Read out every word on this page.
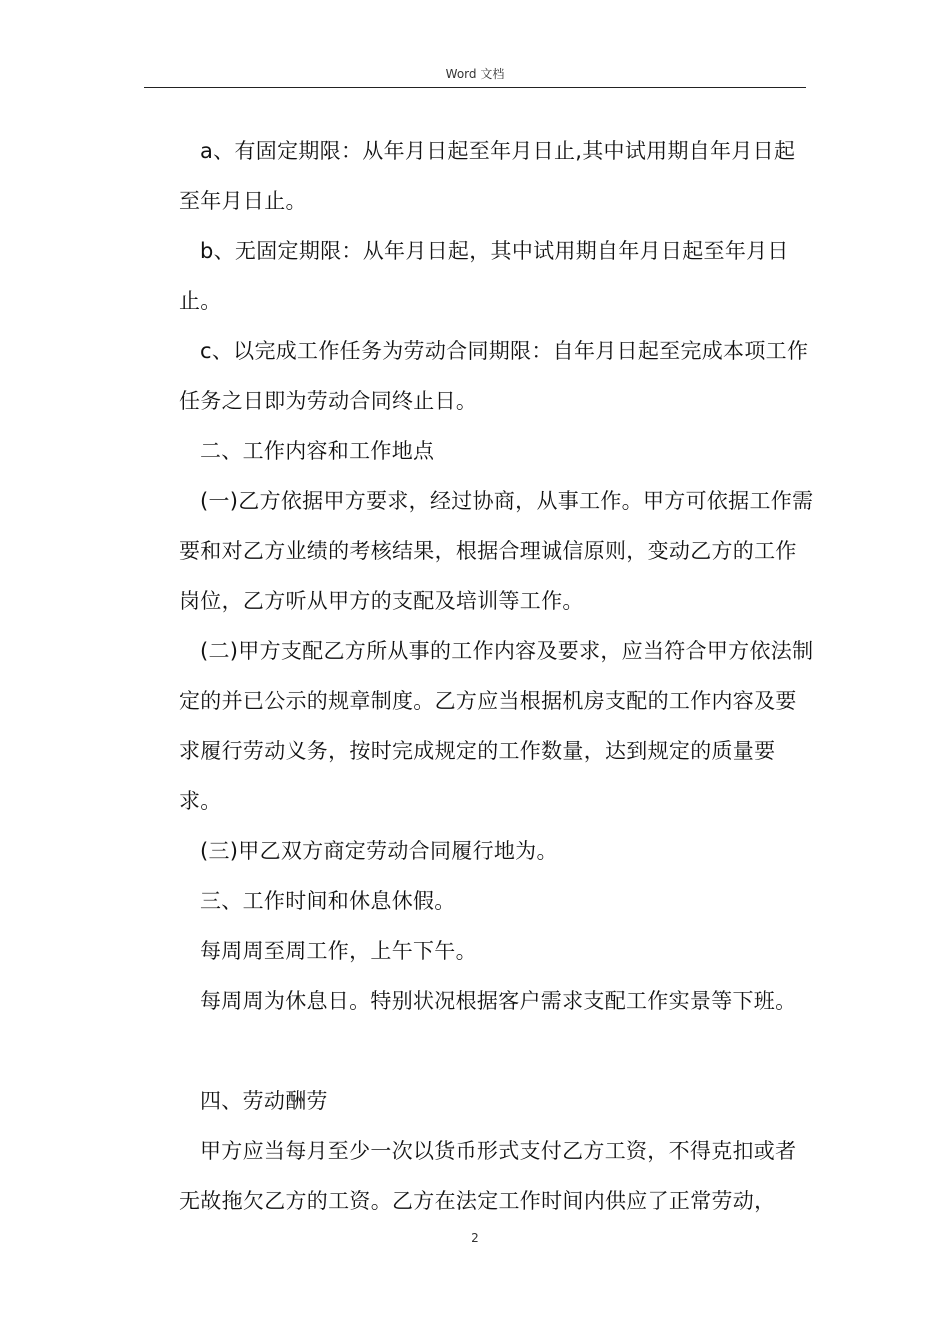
Word 文档

a、有固定期限：从年月日起至年月日止,其中试用期自年月日起至年月日止。

b、无固定期限：从年月日起，其中试用期自年月日起至年月日止。

c、以完成工作任务为劳动合同期限：自年月日起至完成本项工作任务之日即为劳动合同终止日。

二、工作内容和工作地点

(一)乙方依据甲方要求，经过协商，从事工作。甲方可依据工作需要和对乙方业绩的考核结果，根据合理诚信原则，变动乙方的工作岗位，乙方听从甲方的支配及培训等工作。

(二)甲方支配乙方所从事的工作内容及要求，应当符合甲方依法制定的并已公示的规章制度。乙方应当根据机房支配的工作内容及要求履行劳动义务，按时完成规定的工作数量，达到规定的质量要求。

(三)甲乙双方商定劳动合同履行地为。

三、工作时间和休息休假。

每周周至周工作，上午下午。

每周周为休息日。特别状况根据客户需求支配工作实景等下班。

四、劳动酬劳

甲方应当每月至少一次以货币形式支付乙方工资，不得克扣或者无故拖欠乙方的工资。乙方在法定工作时间内供应了正常劳动，

2
